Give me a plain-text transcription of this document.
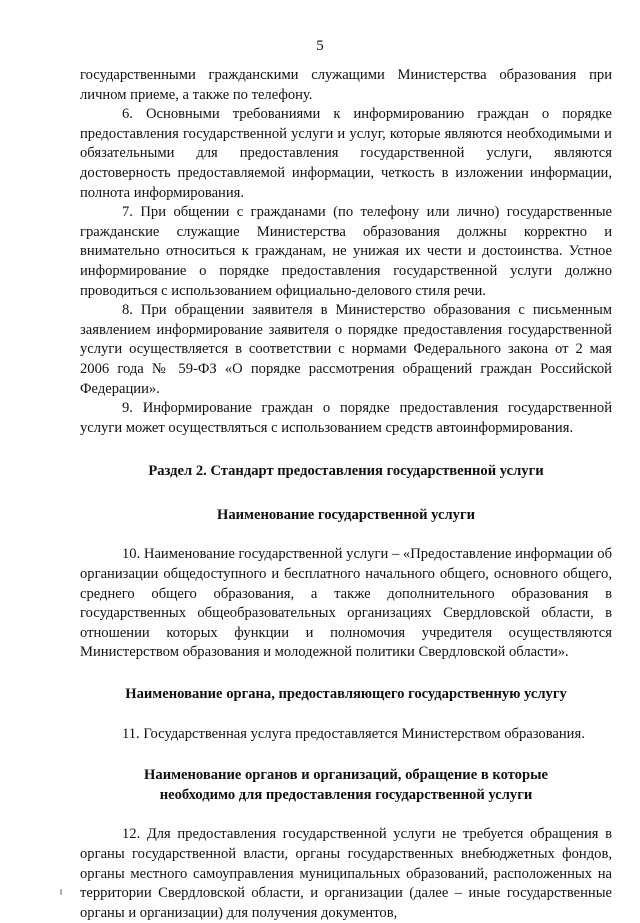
5

государственными гражданскими служащими Министерства образования при личном приеме, а также по телефону.

6. Основными требованиями к информированию граждан о порядке предоставления государственной услуги и услуг, которые являются необходимыми и обязательными для предоставления государственной услуги, являются достоверность предоставляемой информации, четкость в изложении информации, полнота информирования.

7. При общении с гражданами (по телефону или лично) государственные гражданские служащие Министерства образования должны корректно и внимательно относиться к гражданам, не унижая их чести и достоинства. Устное информирование о порядке предоставления государственной услуги должно проводиться с использованием официально-делового стиля речи.

8. При обращении заявителя в Министерство образования с письменным заявлением информирование заявителя о порядке предоставления государственной услуги осуществляется в соответствии с нормами Федерального закона от 2 мая 2006 года № 59-ФЗ «О порядке рассмотрения обращений граждан Российской Федерации».

9. Информирование граждан о порядке предоставления государственной услуги может осуществляться с использованием средств автоинформирования.

Раздел 2. Стандарт предоставления государственной услуги

Наименование государственной услуги

10. Наименование государственной услуги – «Предоставление информации об организации общедоступного и бесплатного начального общего, основного общего, среднего общего образования, а также дополнительного образования в государственных общеобразовательных организациях Свердловской области, в отношении которых функции и полномочия учредителя осуществляются Министерством образования и молодежной политики Свердловской области».

Наименование органа, предоставляющего государственную услугу

11. Государственная услуга предоставляется Министерством образования.

Наименование органов и организаций, обращение в которые
необходимо для предоставления государственной услуги

12. Для предоставления государственной услуги не требуется обращения в органы государственной власти, органы государственных внебюджетных фондов, органы местного самоуправления муниципальных образований, расположенных на территории Свердловской области, и организации (далее – иные государственные органы и организации) для получения документов,
